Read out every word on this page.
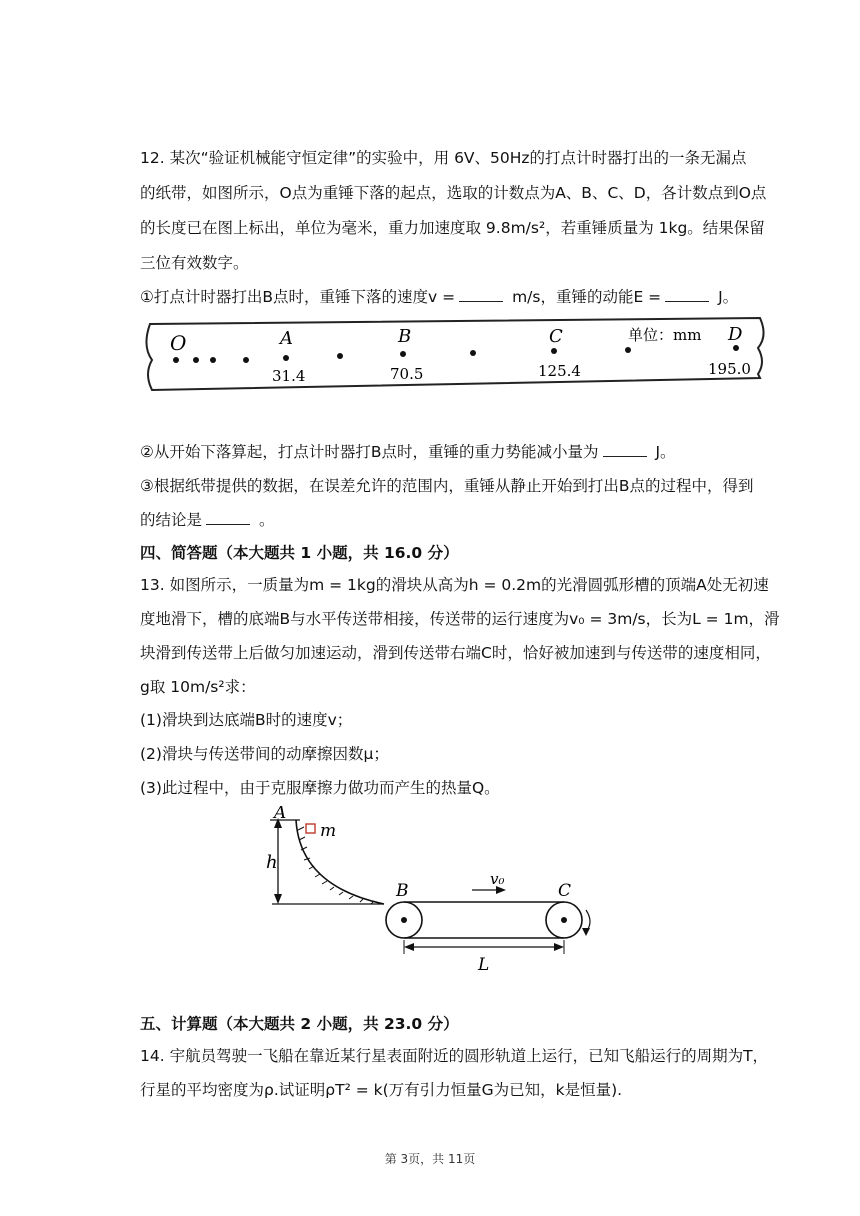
12. 某次“验证机械能守恒定律”的实验中，用 6V、50Hz的打点计时器打出的一条无漏点
的纸带，如图所示，O点为重锤下落的起点，选取的计数点为A、B、C、D，各计数点到O点
的长度已在图上标出，单位为毫米，重力加速度取 9.8m/s²，若重锤质量为 1kg。结果保留
三位有效数字。
①打点计时器打出B点时，重锤下落的速度v =	m/s，重锤的动能E =	J。
O	A	B	C	单位：mm D
31.4	70.5	125.4	195.0
②从开始下落算起，打点计时器打B点时，重锤的重力势能减小量为	J。
③根据纸带提供的数据，在误差允许的范围内，重锤从静止开始到打出B点的过程中，得到
的结论是	。
四、简答题（本大题共 1 小题，共 16.0 分）
13. 如图所示，一质量为m = 1kg的滑块从高为h = 0.2m的光滑圆弧形槽的顶端A处无初速
度地滑下，槽的底端B与水平传送带相接，传送带的运行速度为v₀ = 3m/s，长为L = 1m，滑
块滑到传送带上后做匀加速运动，滑到传送带右端C时，恰好被加速到与传送带的速度相同，
g取 10m/s²求：
(1)滑块到达底端B时的速度v；
(2)滑块与传送带间的动摩擦因数μ；
(3)此过程中，由于克服摩擦力做功而产生的热量Q。
A
h
m
B	C
v₀
L
五、计算题（本大题共 2 小题，共 23.0 分）
14. 宇航员驾驶一飞船在靠近某行星表面附近的圆形轨道上运行，已知飞船运行的周期为T，
行星的平均密度为ρ.试证明ρT² = k(万有引力恒量G为已知，k是恒量).
第 3页，共 11页
